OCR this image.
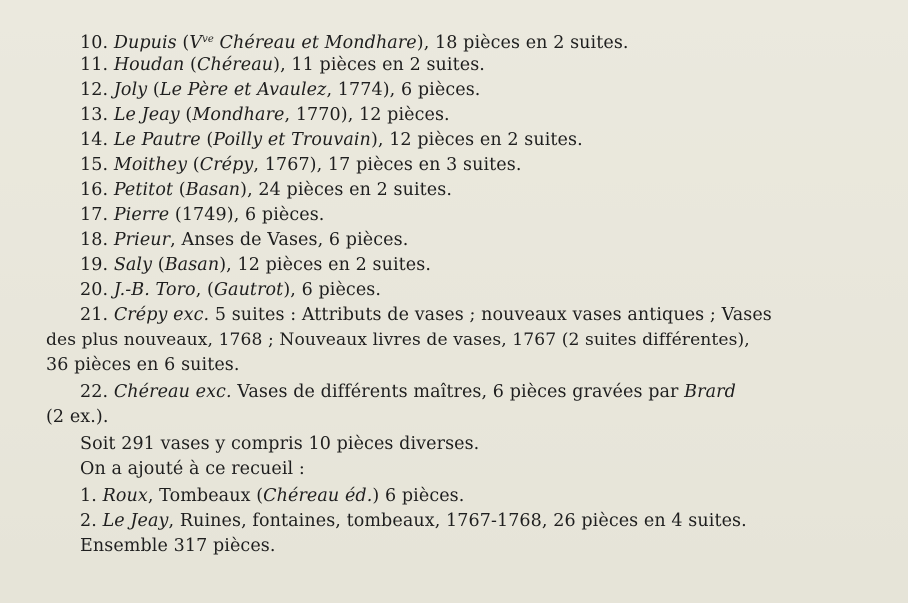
10. Dupuis ($V^{ve}$ Chéreau et Mondhare), 18 pièces en 2 suites.
11. Houdan (Chéreau), 11 pièces en 2 suites.
12. Joly (Le Père et Avaulez, 1774), 6 pièces.
13. Le Jeay (Mondhare, 1770), 12 pièces.
14. Le Pautre (Poilly et Trouvain), 12 pièces en 2 suites.
15. Moithey (Crépy, 1767), 17 pièces en 3 suites.
16. Petitot (Basan), 24 pièces en 2 suites.
17. Pierre (1749), 6 pièces.
18. Prieur, Anses de Vases, 6 pièces.
19. Saly (Basan), 12 pièces en 2 suites.
20. J.-B. Toro, (Gautrot), 6 pièces.
21. Crépy exc. 5 suites : Attributs de vases ; nouveaux vases antiques ; Vases
des plus nouveaux, 1768 ; Nouveaux livres de vases, 1767 (2 suites différentes),
36 pièces en 6 suites.
22. Chéreau exc. Vases de différents maîtres, 6 pièces gravées par Brard
(2 ex.).
Soit 291 vases y compris 10 pièces diverses.
On a ajouté à ce recueil :
1. Roux, Tombeaux (Chéreau éd.) 6 pièces.
2. Le Jeay, Ruines, fontaines, tombeaux, 1767-1768, 26 pièces en 4 suites.
Ensemble 317 pièces.
